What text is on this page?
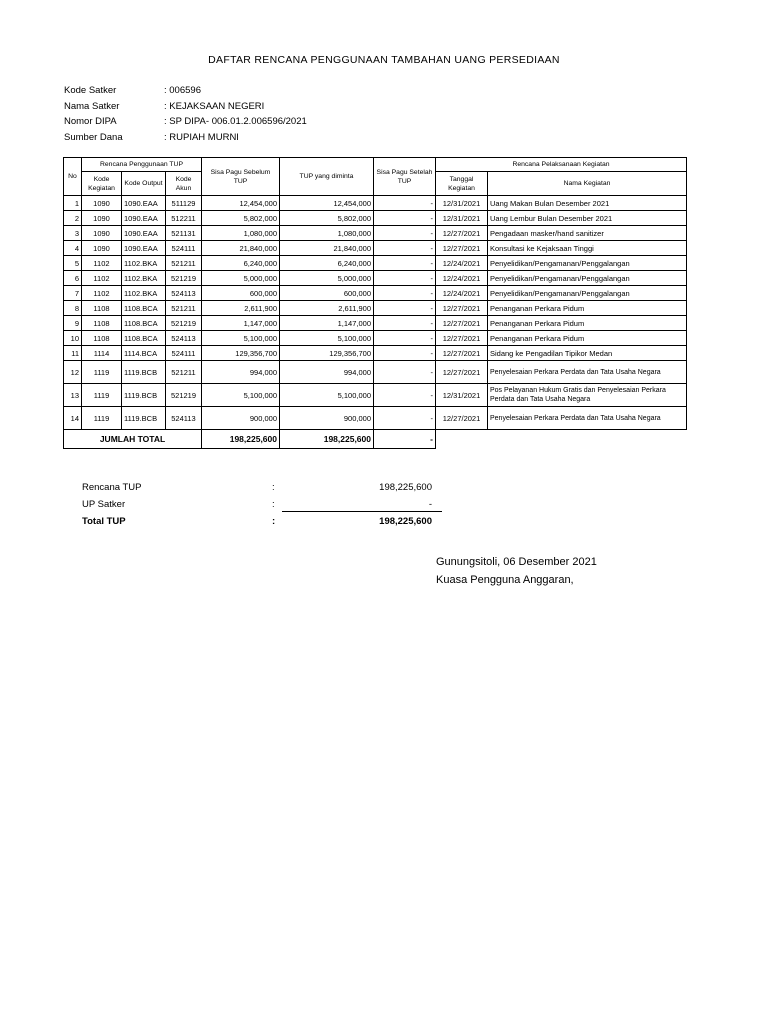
DAFTAR RENCANA PENGGUNAAN TAMBAHAN UANG PERSEDIAAN
Kode Satker	: 006596
Nama Satker	: KEJAKSAAN NEGERI
Nomor DIPA	: SP DIPA- 006.01.2.006596/2021
Sumber Dana	: RUPIAH MURNI
No	Rencana Penggunaan TUP			Sisa Pagu Sebelum TUP	TUP yang diminta	Sisa Pagu Setelah TUP	Rencana Pelaksanaan Kegiatan	
	Kode Kegiatan	Kode Output	Kode Akun				Tanggal Kegiatan	Nama Kegiatan
1	1090	1090.EAA	511129	12,454,000	12,454,000	-	12/31/2021	Uang Makan Bulan Desember 2021
2	1090	1090.EAA	512211	5,802,000	5,802,000	-	12/31/2021	Uang Lembur Bulan Desember 2021
3	1090	1090.EAA	521131	1,080,000	1,080,000	-	12/27/2021	Pengadaan masker/hand sanitizer
4	1090	1090.EAA	524111	21,840,000	21,840,000	-	12/27/2021	Konsultasi ke Kejaksaan Tinggi
5	1102	1102.BKA	521211	6,240,000	6,240,000	-	12/24/2021	Penyelidikan/Pengamanan/Penggalangan
6	1102	1102.BKA	521219	5,000,000	5,000,000	-	12/24/2021	Penyelidikan/Pengamanan/Penggalangan
7	1102	1102.BKA	524113	600,000	600,000	-	12/24/2021	Penyelidikan/Pengamanan/Penggalangan
8	1108	1108.BCA	521211	2,611,900	2,611,900	-	12/27/2021	Penanganan Perkara Pidum
9	1108	1108.BCA	521219	1,147,000	1,147,000	-	12/27/2021	Penanganan Perkara Pidum
10	1108	1108.BCA	524113	5,100,000	5,100,000	-	12/27/2021	Penanganan Perkara Pidum
11	1114	1114.BCA	524111	129,356,700	129,356,700	-	12/27/2021	Sidang ke Pengadilan Tipikor Medan
12	1119	1119.BCB	521211	994,000	994,000	-	12/27/2021	Penyelesaian Perkara Perdata dan Tata Usaha Negara
13	1119	1119.BCB	521219	5,100,000	5,100,000	-	12/31/2021	Pos Pelayanan Hukum Gratis dan Penyelesaian Perkara Perdata dan Tata Usaha Negara
14	1119	1119.BCB	524113	900,000	900,000	-	12/27/2021	Penyelesaian Perkara Perdata dan Tata Usaha Negara
JUMLAH TOTAL				198,225,600	198,225,600	-		
Rencana TUP	:	198,225,600
UP Satker	:	-
Total TUP	:	198,225,600
Gunungsitoli, 06 Desember 2021
Kuasa Pengguna Anggaran,
